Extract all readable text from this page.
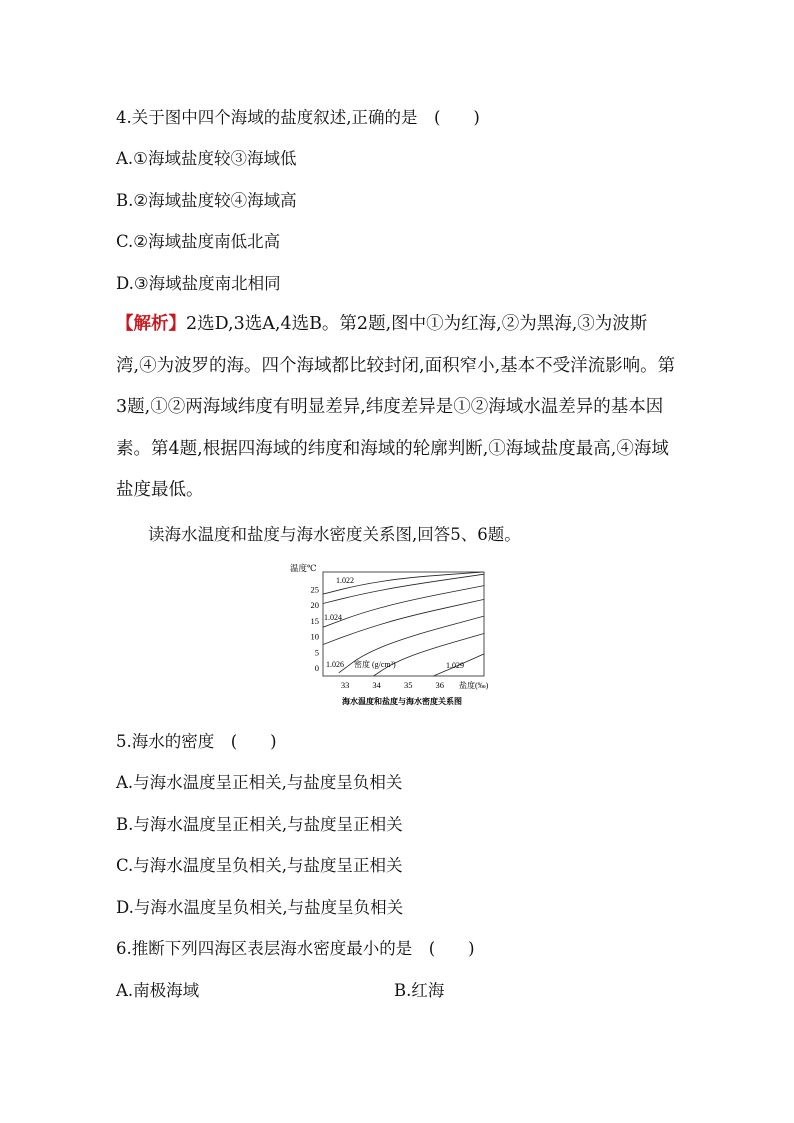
4.关于图中四个海域的盐度叙述,正确的是　(　　)
A.①海域盐度较③海域低
B.②海域盐度较④海域高
C.②海域盐度南低北高
D.③海域盐度南北相同
【解析】2选D,3选A,4选B。第2题,图中①为红海,②为黑海,③为波斯湾,④为波罗的海。四个海域都比较封闭,面积窄小,基本不受洋流影响。第3题,①②两海域纬度有明显差异,纬度差异是①②海域水温差异的基本因素。第4题,根据四海域的纬度和海域的轮廓判断,①海域盐度最高,④海域盐度最低。
读海水温度和盐度与海水密度关系图,回答5、6题。
1.022
1.024
1.026	1.029
0
5
10
15
20
25
33	34	35	36
温度℃
盐度(‰)
密度 (g/cm³)
海水温度和盐度与海水密度关系图
5.海水的密度　(　　)
A.与海水温度呈正相关,与盐度呈负相关
B.与海水温度呈正相关,与盐度呈正相关
C.与海水温度呈负相关,与盐度呈正相关
D.与海水温度呈负相关,与盐度呈负相关
6.推断下列四海区表层海水密度最小的是　(　　)
A.南极海域	B.红海
